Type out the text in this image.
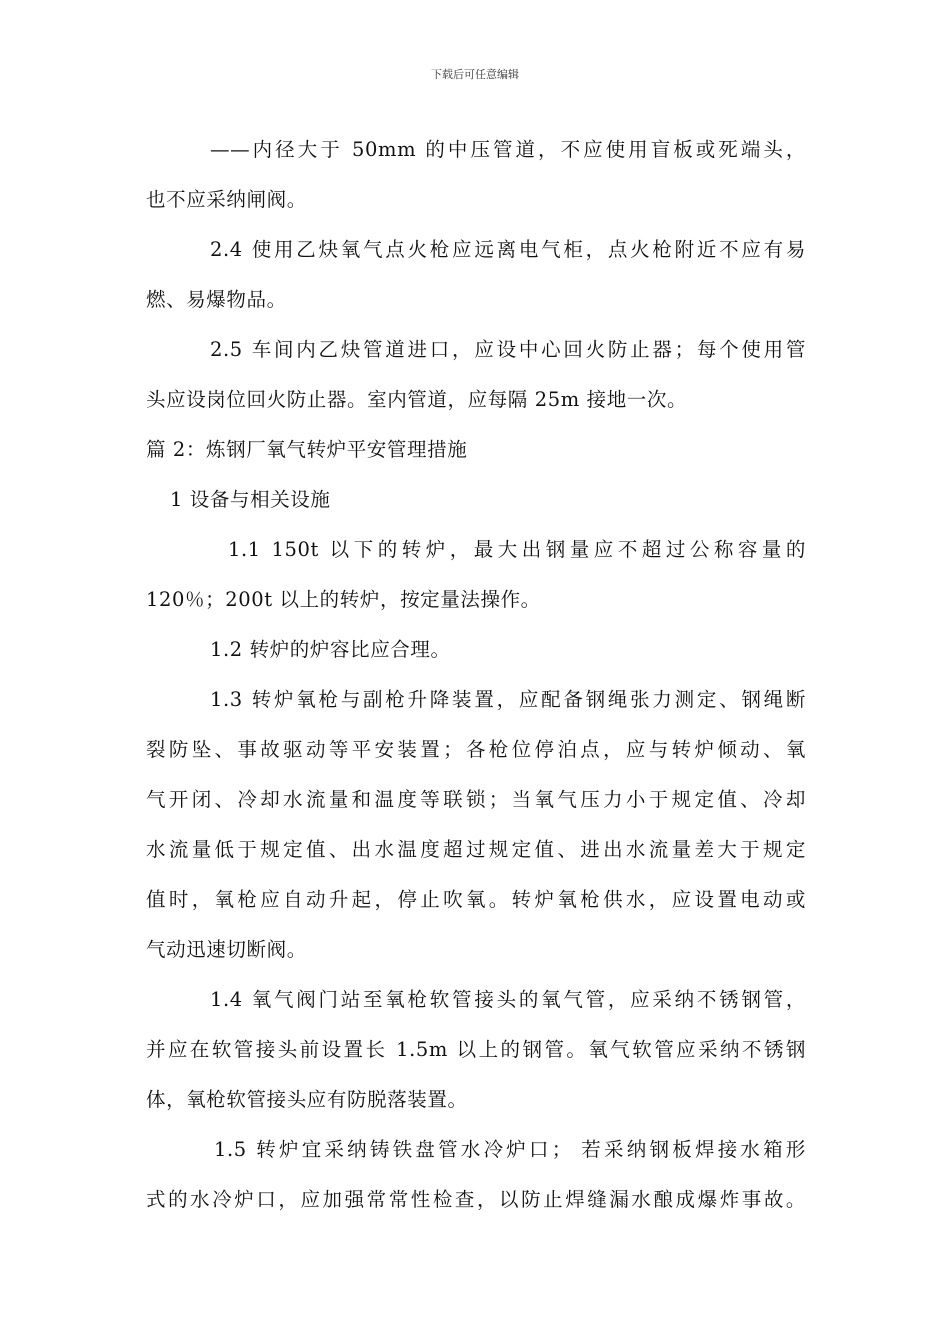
下载后可任意编辑
——内径大于 50mm 的中压管道，不应使用盲板或死端头，
也不应采纳闸阀。
2.4 使用乙炔氧气点火枪应远离电气柜，点火枪附近不应有易
燃、易爆物品。
2.5 车间内乙炔管道进口，应设中心回火防止器；每个使用管
头应设岗位回火防止器。室内管道，应每隔 25m 接地一次。
篇 2：炼钢厂氧气转炉平安管理措施
1 设备与相关设施
1.1 150t 以下的转炉，最大出钢量应不超过公称容量的
120％；200t 以上的转炉，按定量法操作。
1.2 转炉的炉容比应合理。
1.3 转炉氧枪与副枪升降装置，应配备钢绳张力测定、钢绳断
裂防坠、事故驱动等平安装置；各枪位停泊点，应与转炉倾动、氧
气开闭、冷却水流量和温度等联锁；当氧气压力小于规定值、冷却
水流量低于规定值、出水温度超过规定值、进出水流量差大于规定
值时，氧枪应自动升起，停止吹氧。转炉氧枪供水，应设置电动或
气动迅速切断阀。
1.4 氧气阀门站至氧枪软管接头的氧气管，应采纳不锈钢管，
并应在软管接头前设置长 1.5m 以上的钢管。氧气软管应采纳不锈钢
体，氧枪软管接头应有防脱落装置。
1.5 转炉宜采纳铸铁盘管水冷炉口； 若采纳钢板焊接水箱形
式的水冷炉口，应加强常常性检查，以防止焊缝漏水酿成爆炸事故。
